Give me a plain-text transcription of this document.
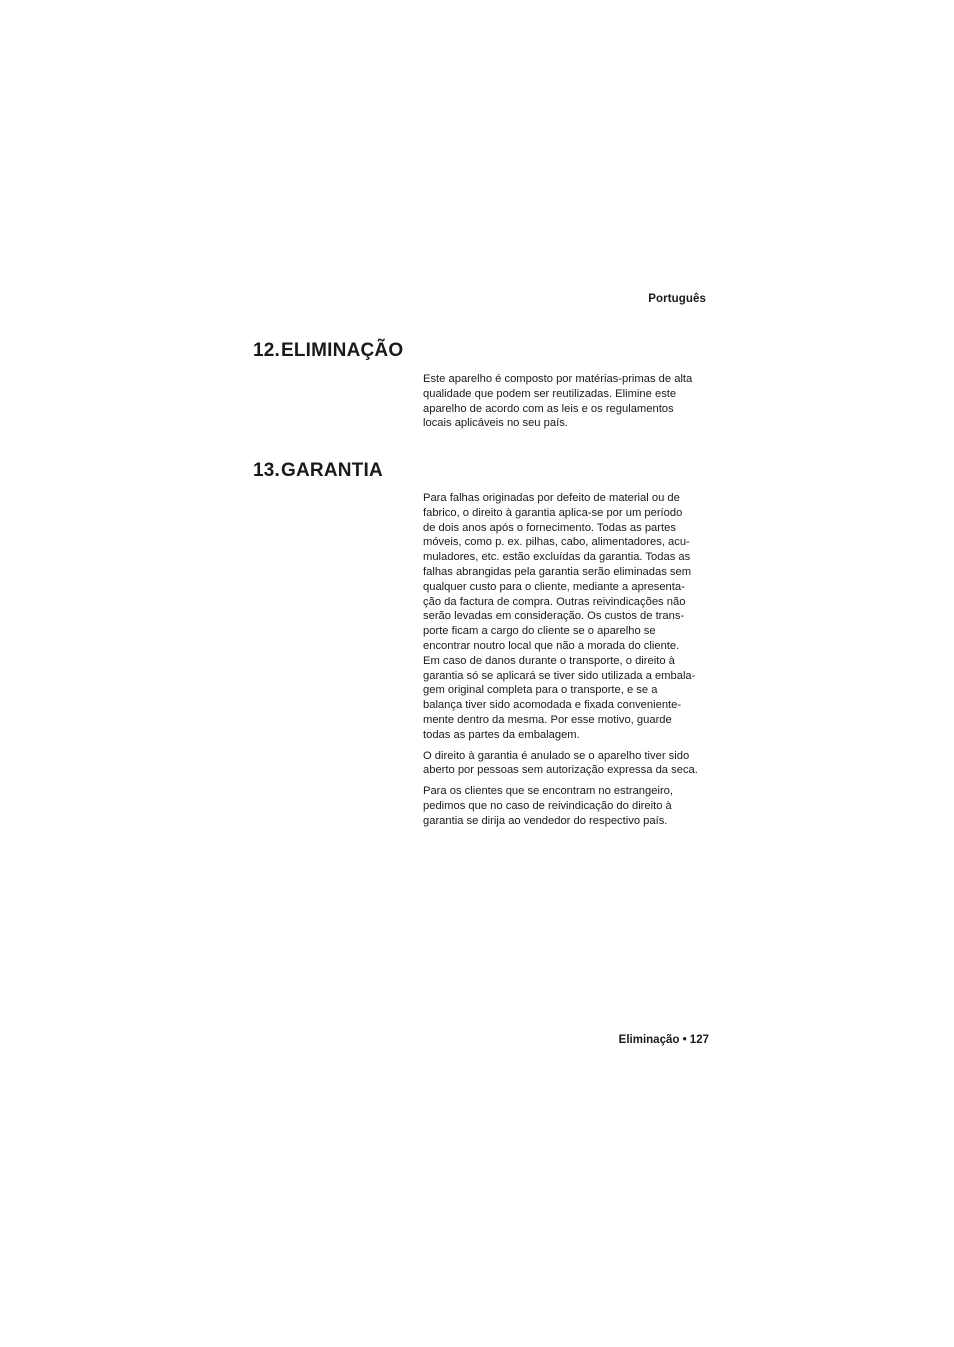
Português
12. ELIMINAÇÃO

Este aparelho é composto por matérias-primas de alta
qualidade que podem ser reutilizadas. Elimine este
aparelho de acordo com as leis e os regulamentos
locais aplicáveis no seu país.

13. GARANTIA

Para falhas originadas por defeito de material ou de
fabrico, o direito à garantia aplica-se por um período
de dois anos após o fornecimento. Todas as partes
móveis, como p. ex. pilhas, cabo, alimentadores, acu-
muladores, etc. estão excluídas da garantia. Todas as
falhas abrangidas pela garantia serão eliminadas sem
qualquer custo para o cliente, mediante a apresenta-
ção da factura de compra. Outras reivindicações não
serão levadas em consideração. Os custos de trans-
porte ficam a cargo do cliente se o aparelho se
encontrar noutro local que não a morada do cliente.
Em caso de danos durante o transporte, o direito à
garantia só se aplicará se tiver sido utilizada a embala-
gem original completa para o transporte, e se a
balança tiver sido acomodada e fixada conveniente-
mente dentro da mesma. Por esse motivo, guarde
todas as partes da embalagem.

O direito à garantia é anulado se o aparelho tiver sido
aberto por pessoas sem autorização expressa da seca.

Para os clientes que se encontram no estrangeiro,
pedimos que no caso de reivindicação do direito à
garantia se dirija ao vendedor do respectivo país.

Eliminação • 127
